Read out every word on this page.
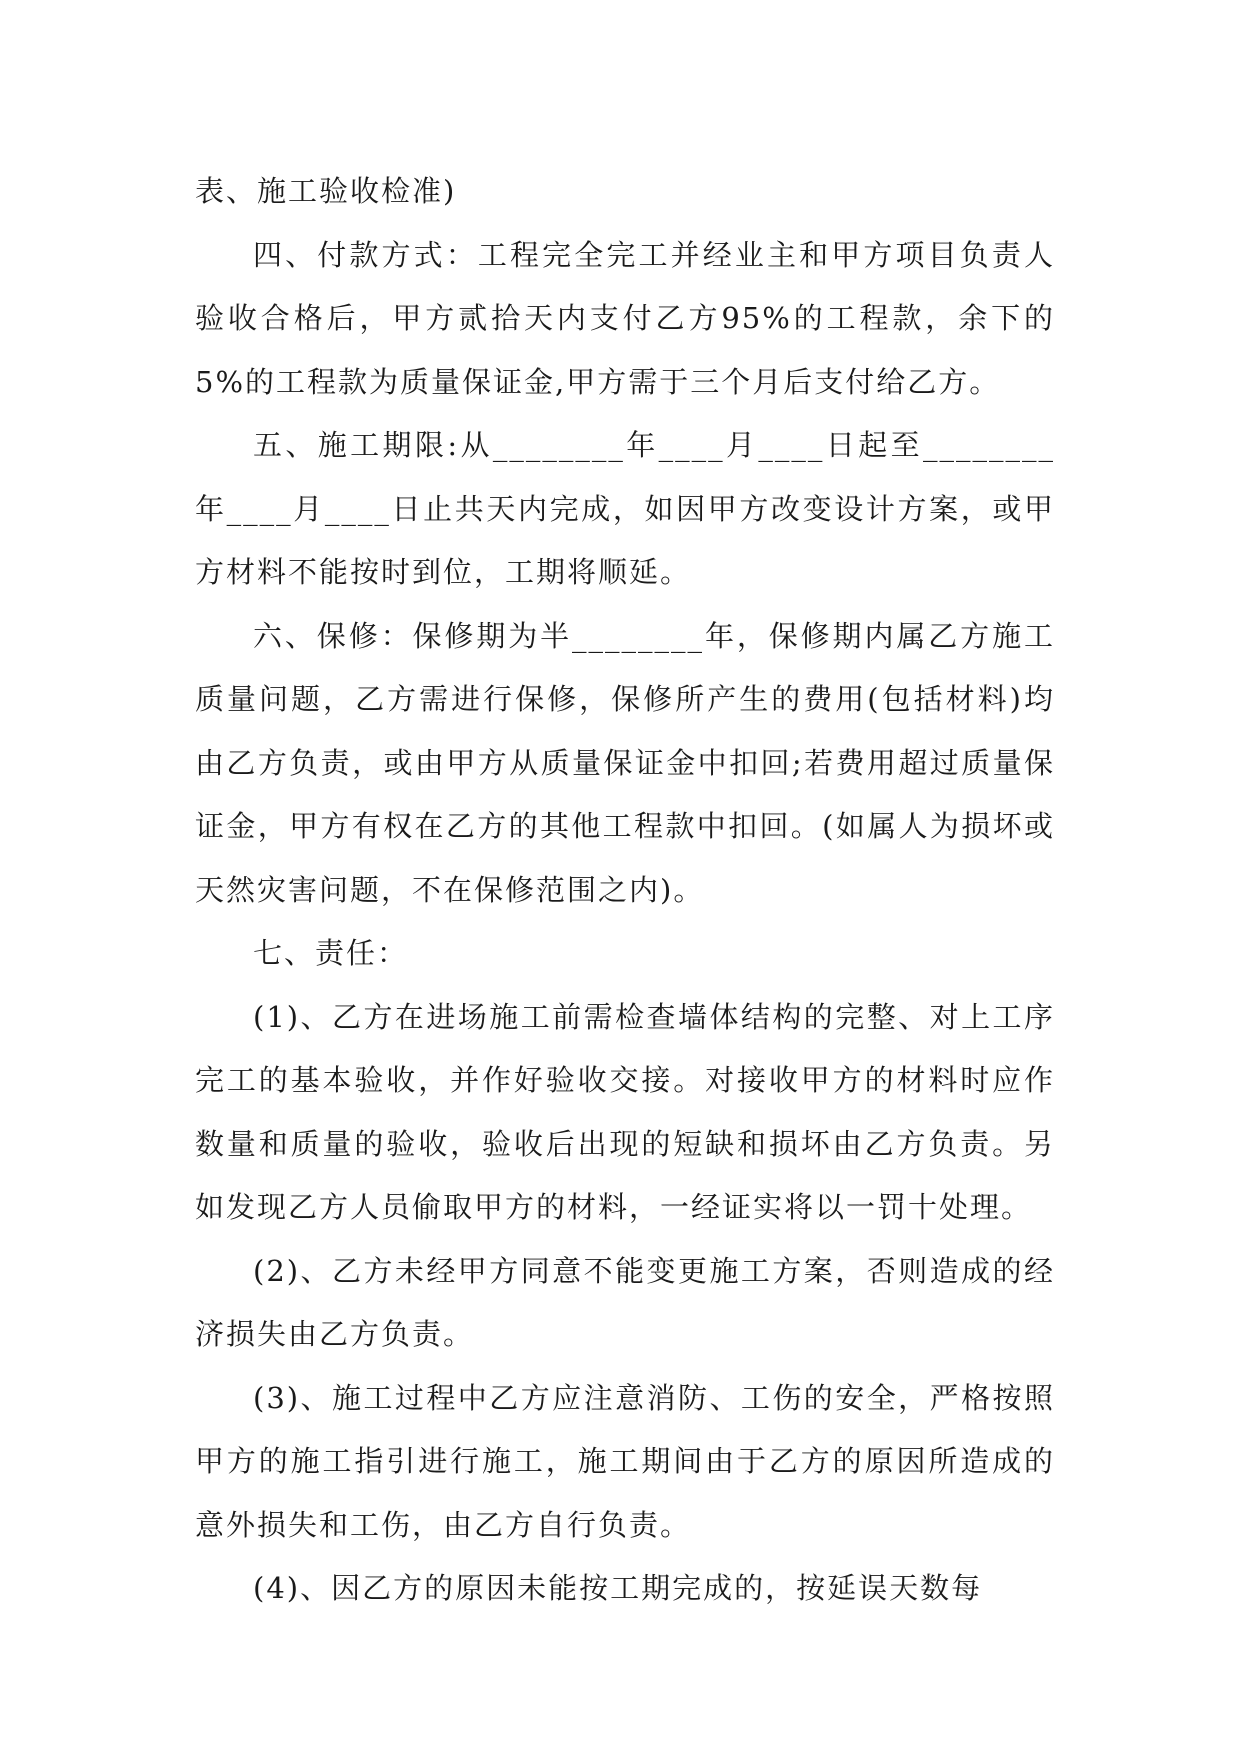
表、施工验收检准)

四、付款方式：工程完全完工并经业主和甲方项目负责人验收合格后，甲方贰拾天内支付乙方95%的工程款，余下的5%的工程款为质量保证金,甲方需于三个月后支付给乙方。

五、施工期限:从________年____月____日起至________年____月____日止共天内完成，如因甲方改变设计方案，或甲方材料不能按时到位，工期将顺延。

六、保修：保修期为半________年，保修期内属乙方施工质量问题，乙方需进行保修，保修所产生的费用(包括材料)均由乙方负责，或由甲方从质量保证金中扣回;若费用超过质量保证金，甲方有权在乙方的其他工程款中扣回。(如属人为损坏或天然灾害问题，不在保修范围之内)。

七、责任：

(1)、乙方在进场施工前需检查墙体结构的完整、对上工序完工的基本验收，并作好验收交接。对接收甲方的材料时应作数量和质量的验收，验收后出现的短缺和损坏由乙方负责。另如发现乙方人员偷取甲方的材料，一经证实将以一罚十处理。

(2)、乙方未经甲方同意不能变更施工方案，否则造成的经济损失由乙方负责。

(3)、施工过程中乙方应注意消防、工伤的安全，严格按照甲方的施工指引进行施工，施工期间由于乙方的原因所造成的意外损失和工伤，由乙方自行负责。

(4)、因乙方的原因未能按工期完成的，按延误天数每
